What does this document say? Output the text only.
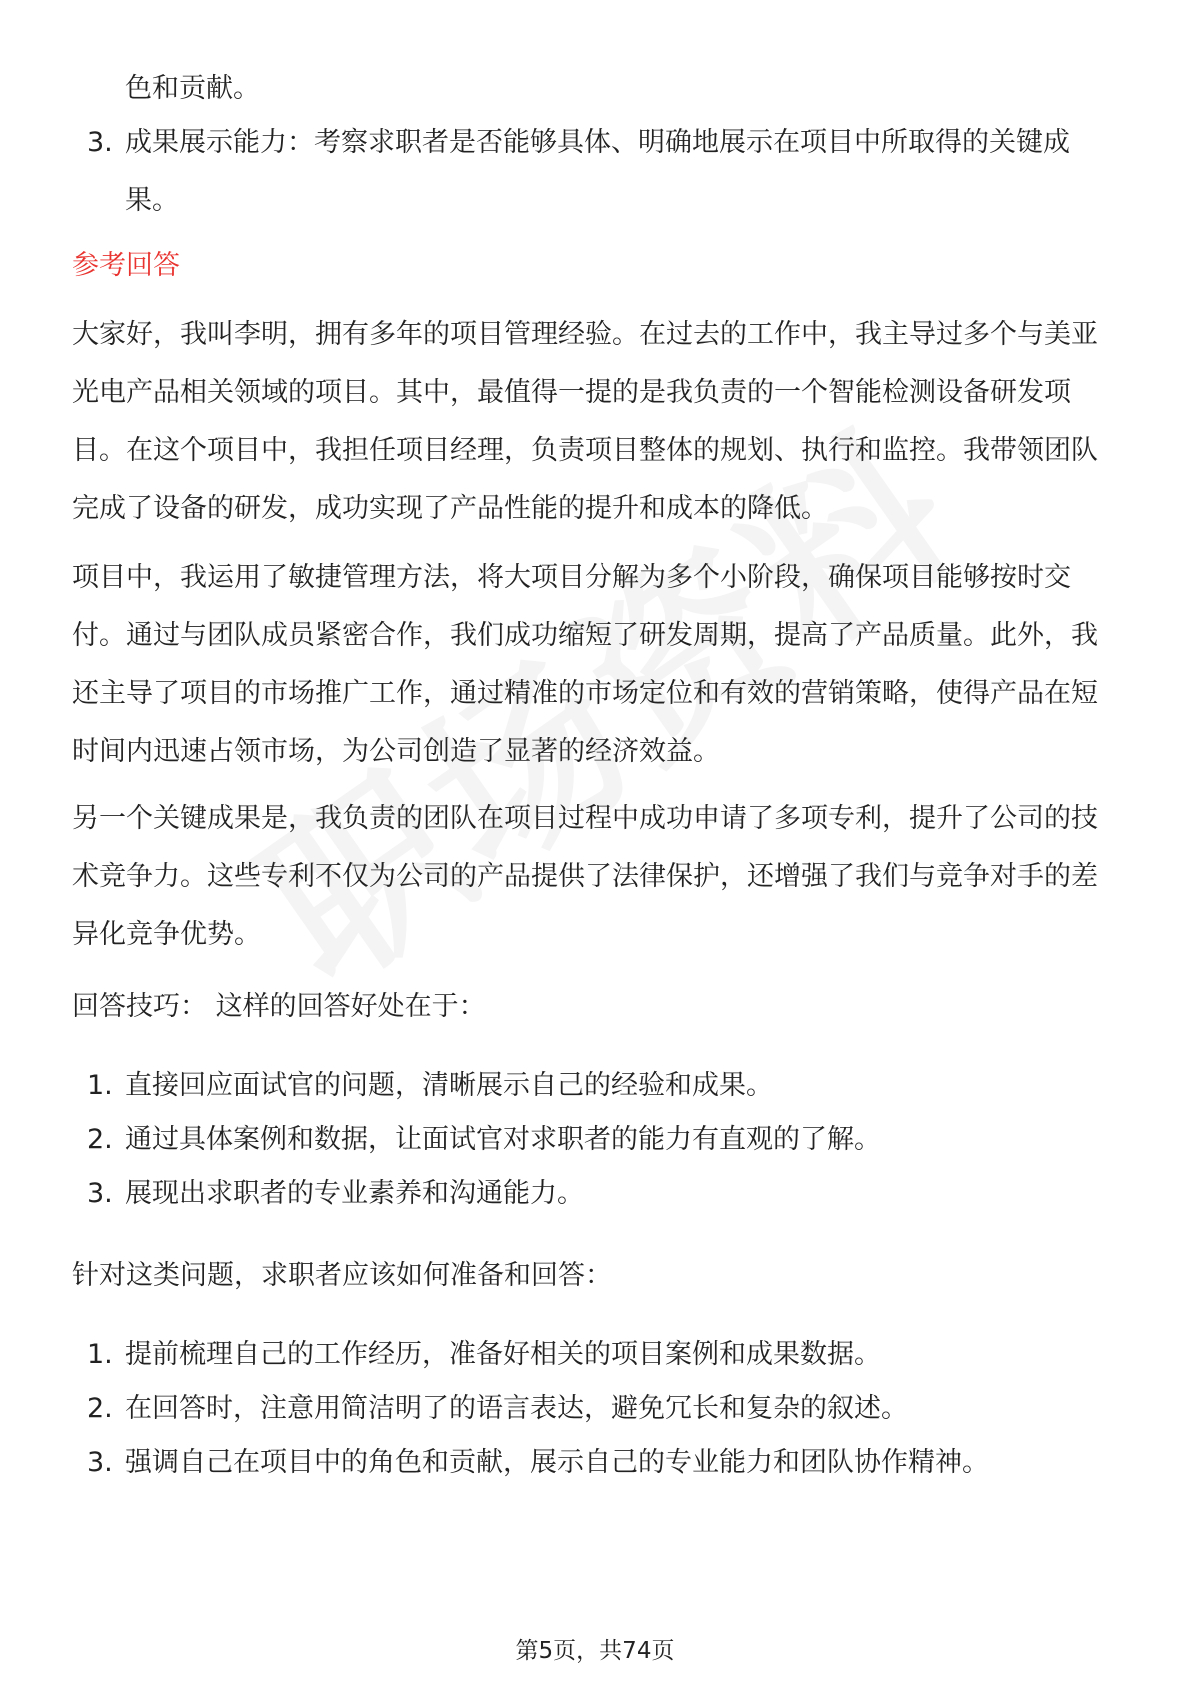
色和贡献。

3. 成果展示能力：考察求职者是否能够具体、明确地展示在项目中所取得的关键成果。

参考回答

大家好，我叫李明，拥有多年的项目管理经验。在过去的工作中，我主导过多个与美亚光电产品相关领域的项目。其中，最值得一提的是我负责的一个智能检测设备研发项目。在这个项目中，我担任项目经理，负责项目整体的规划、执行和监控。我带领团队完成了设备的研发，成功实现了产品性能的提升和成本的降低。

项目中，我运用了敏捷管理方法，将大项目分解为多个小阶段，确保项目能够按时交付。通过与团队成员紧密合作，我们成功缩短了研发周期，提高了产品质量。此外，我还主导了项目的市场推广工作，通过精准的市场定位和有效的营销策略，使得产品在短时间内迅速占领市场，为公司创造了显著的经济效益。

另一个关键成果是，我负责的团队在项目过程中成功申请了多项专利，提升了公司的技术竞争力。这些专利不仅为公司的产品提供了法律保护，还增强了我们与竞争对手的差异化竞争优势。

回答技巧： 这样的回答好处在于：

1. 直接回应面试官的问题，清晰展示自己的经验和成果。
2. 通过具体案例和数据，让面试官对求职者的能力有直观的了解。
3. 展现出求职者的专业素养和沟通能力。

针对这类问题，求职者应该如何准备和回答：

1. 提前梳理自己的工作经历，准备好相关的项目案例和成果数据。
2. 在回答时，注意用简洁明了的语言表达，避免冗长和复杂的叙述。
3. 强调自己在项目中的角色和贡献，展示自己的专业能力和团队协作精神。
第5页，共74页
